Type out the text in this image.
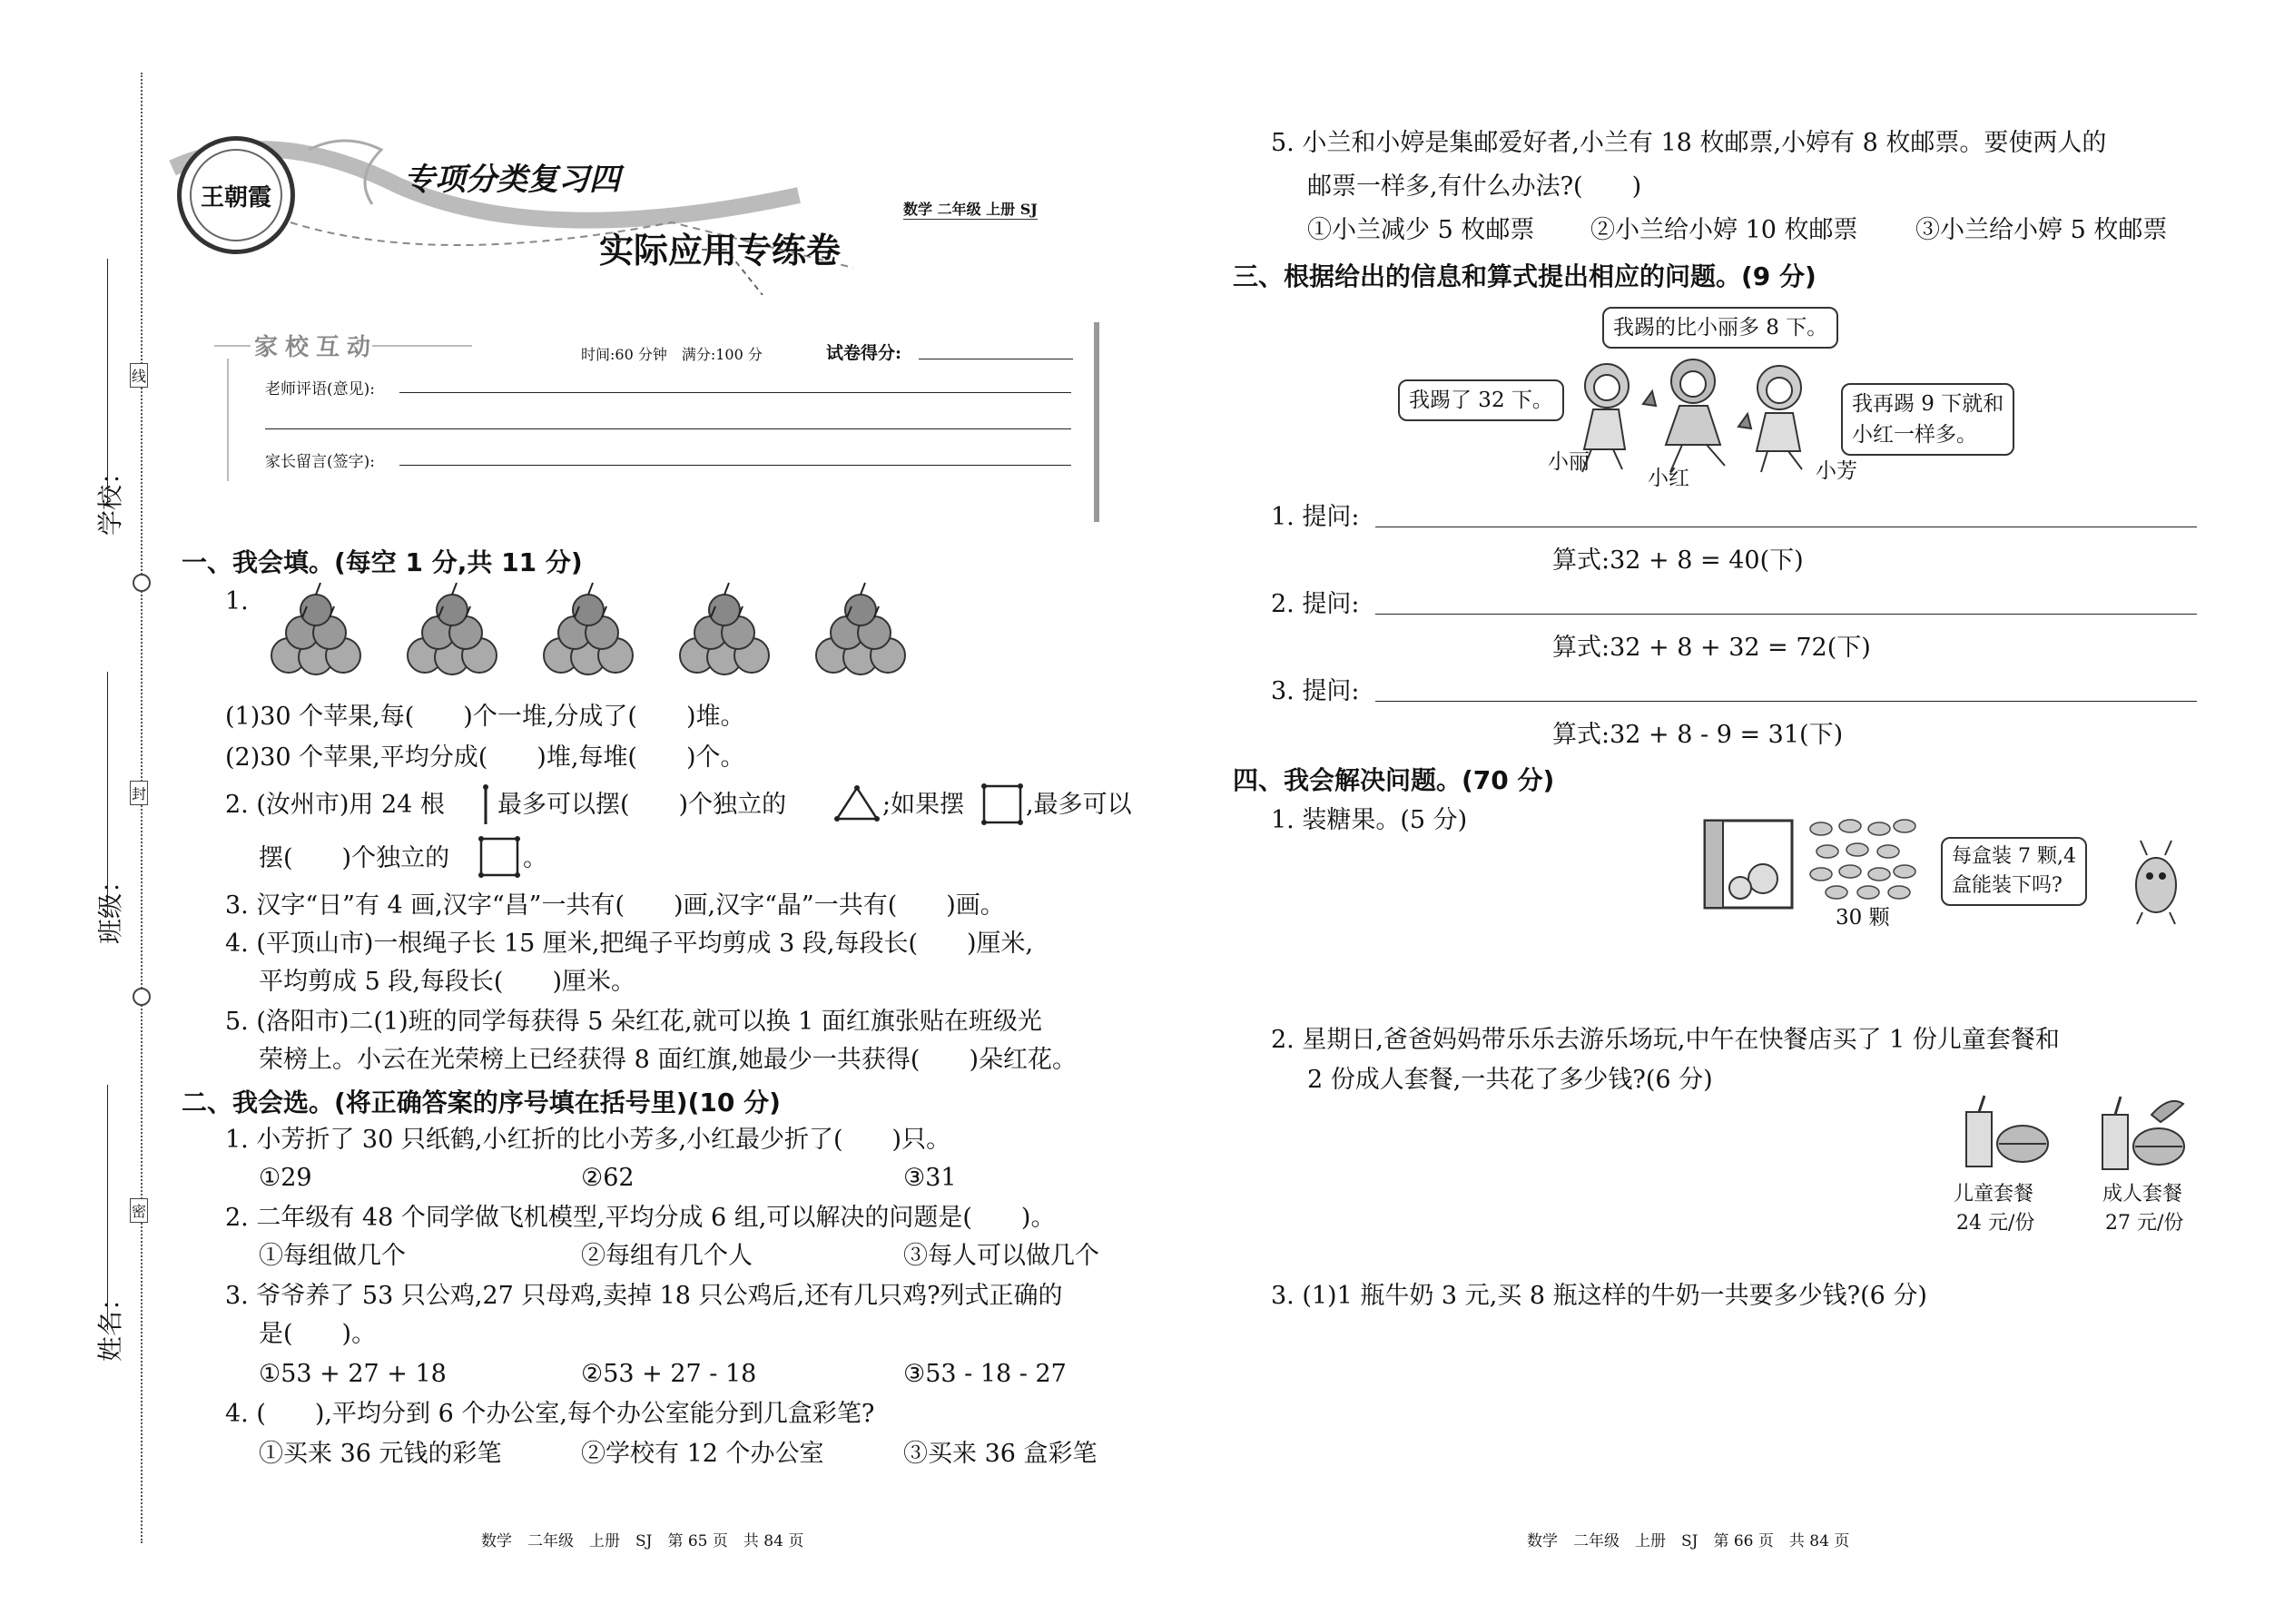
学校：
班级：
姓名：
线
封
密
王朝霞	专项分类复习四
数学 二年级 上册 SJ
实际应用专练卷
家校互动	时间:60 分钟　满分:100 分	试卷得分:
老师评语(意见):
家长留言(签字):
一、我会填。(每空 1 分,共 11 分)
1.
(1)30 个苹果,每(　　)个一堆,分成了(　　)堆。
(2)30 个苹果,平均分成(　　)堆,每堆(　　)个。
2. (汝州市)用 24 根 最多可以摆(　　)个独立的	;如果摆	,最多可以
摆(　　)个独立的	。
3. 汉字“日”有 4 画,汉字“昌”一共有(　　)画,汉字“晶”一共有(　　)画。
4. (平顶山市)一根绳子长 15 厘米,把绳子平均剪成 3 段,每段长(　　)厘米,
平均剪成 5 段,每段长(　　)厘米。
5. (洛阳市)二(1)班的同学每获得 5 朵红花,就可以换 1 面红旗张贴在班级光
荣榜上。小云在光荣榜上已经获得 8 面红旗,她最少一共获得(　　)朵红花。
二、我会选。(将正确答案的序号填在括号里)(10 分)
1. 小芳折了 30 只纸鹤,小红折的比小芳多,小红最少折了(　　)只。
①29	②62	③31
2. 二年级有 48 个同学做飞机模型,平均分成 6 组,可以解决的问题是(　　)。
①每组做几个	②每组有几个人	③每人可以做几个
3. 爷爷养了 53 只公鸡,27 只母鸡,卖掉 18 只公鸡后,还有几只鸡?列式正确的
是(　　)。
①53 + 27 + 18	②53 + 27 - 18	③53 - 18 - 27
4. (　　),平均分到 6 个办公室,每个办公室能分到几盒彩笔?
①买来 36 元钱的彩笔	②学校有 12 个办公室	③买来 36 盒彩笔
数学　二年级　上册　SJ　第 65 页　共 84 页
5. 小兰和小婷是集邮爱好者,小兰有 18 枚邮票,小婷有 8 枚邮票。要使两人的
邮票一样多,有什么办法?(　　)
①小兰减少 5 枚邮票 ②小兰给小婷 10 枚邮票 ③小兰给小婷 5 枚邮票
三、根据给出的信息和算式提出相应的问题。(9 分)
我踢的比小丽多 8 下。
我踢了 32 下。	我再踢 9 下就和
小红一样多。
小丽
小红	小芳
1. 提问:
算式:32 + 8 = 40(下)
2. 提问:
算式:32 + 8 + 32 = 72(下)
3. 提问:
算式:32 + 8 - 9 = 31(下)
四、我会解决问题。(70 分)
1. 装糖果。(5 分)
30 颗
每盒装 7 颗,4
盒能装下吗?
2. 星期日,爸爸妈妈带乐乐去游乐场玩,中午在快餐店买了 1 份儿童套餐和
2 份成人套餐,一共花了多少钱?(6 分)
儿童套餐
24 元/份
成人套餐
27 元/份
3. (1)1 瓶牛奶 3 元,买 8 瓶这样的牛奶一共要多少钱?(6 分)
数学　二年级　上册　SJ　第 66 页　共 84 页
